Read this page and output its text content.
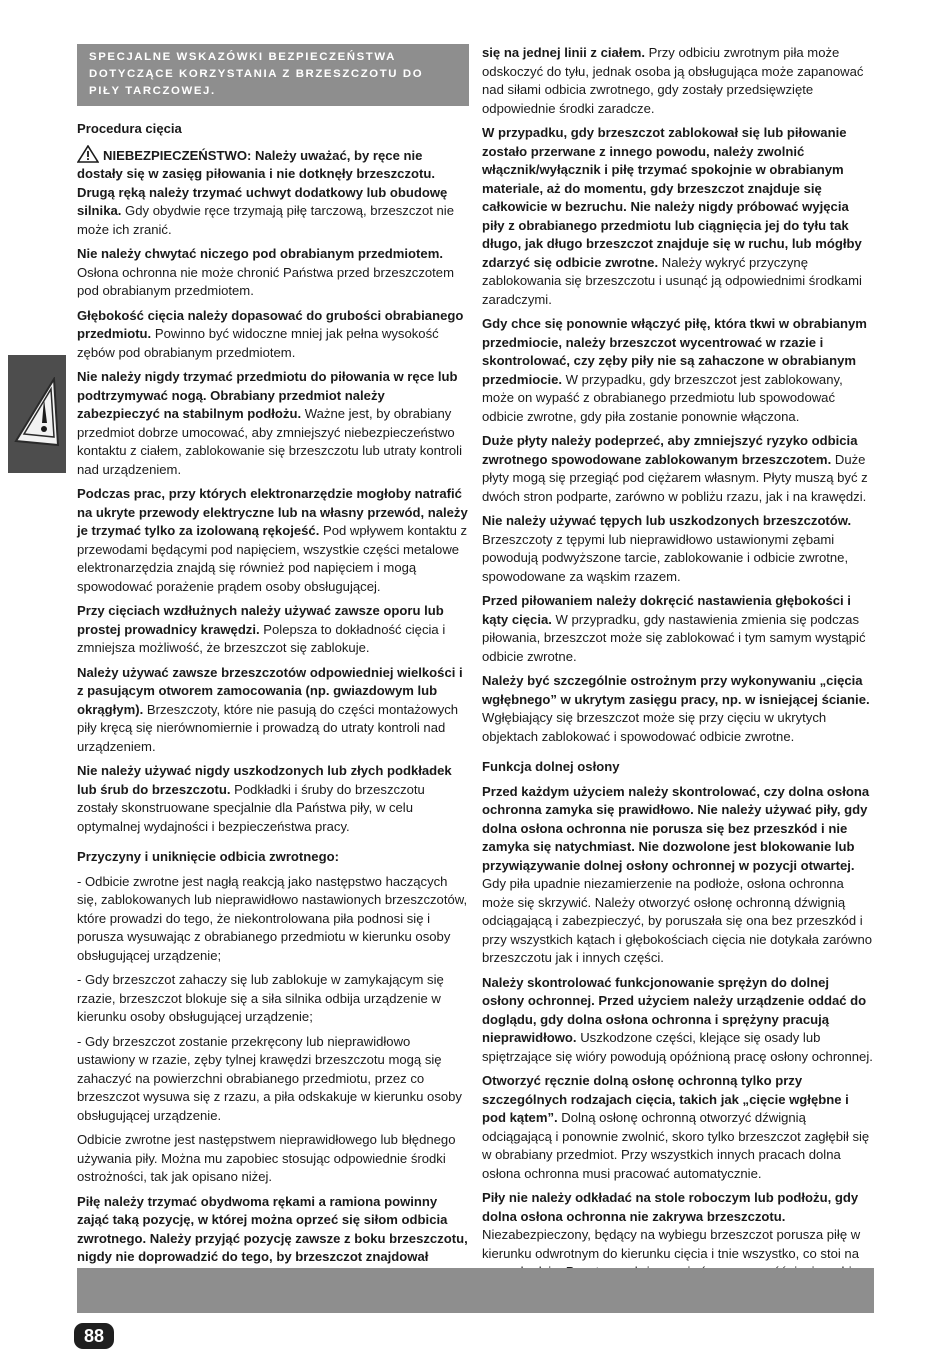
SPECJALNE WSKAZÓWKI BEZPIECZEŃSTWA DOTYCZĄCE KORZYSTANIA Z BRZESZCZOTU DO PIŁY TARCZOWEJ.
Procedura cięcia

NIEBEZPIECZEŃSTWO: Należy uważać, by ręce nie dostały się w zasięg piłowania i nie dotknęły brzeszczotu. Drugą ręką należy trzymać uchwyt dodatkowy lub obudowę silnika. Gdy obydwie ręce trzymają piłę tarczową, brzeszczot nie może ich zranić.

Nie należy chwytać niczego pod obrabianym przedmiotem. Osłona ochronna nie może chronić Państwa przed brzeszczotem pod obrabianym przedmiotem.

Głębokość cięcia należy dopasować do grubości obrabianego przedmiotu. Powinno być widoczne mniej jak pełna wysokość zębów pod obrabianym przedmiotem.

Nie należy nigdy trzymać przedmiotu do piłowania w ręce lub podtrzymywać nogą. Obrabiany przedmiot należy zabezpieczyć na stabilnym podłożu. Ważne jest, by obrabiany przedmiot dobrze umocować, aby zmniejszyć niebezpieczeństwo kontaktu z ciałem, zablokowanie się brzeszczotu lub utraty kontroli nad urządzeniem.

Podczas prac, przy których elektronarzędzie mogłoby natrafić na ukryte przewody elektryczne lub na własny przewód, należy je trzymać tylko za izolowaną rękojeść. Pod wpływem kontaktu z przewodami będącymi pod napięciem, wszystkie części metalowe elektronarzędzia znajdą się również pod napięciem i mogą spowodować porażenie prądem osoby obsługującej.

Przy cięciach wzdłużnych należy używać zawsze oporu lub prostej prowadnicy krawędzi. Polepsza to dokładność cięcia i zmniejsza możliwość, że brzeszczot się zablokuje.

Należy używać zawsze brzeszczotów odpowiedniej wielkości i z pasującym otworem zamocowania (np. gwiazdowym lub okrągłym). Brzeszczoty, które nie pasują do części montażowych piły kręcą się nierównomiernie i prowadzą do utraty kontroli nad urządzeniem.

Nie należy używać nigdy uszkodzonych lub złych podkładek lub śrub do brzeszczotu. Podkładki i śruby do brzeszczotu zostały skonstruowane specjalnie dla Państwa piły, w celu optymalnej wydajności i bezpieczeństwa pracy.

Przyczyny i uniknięcie odbicia zwrotnego:

- Odbicie zwrotne jest nagłą reakcją jako następstwo haczących się, zablokowanych lub nieprawidłowo nastawionych brzeszczotów, które prowadzi do tego, że niekontrolowana piła podnosi się i porusza wysuwając z obrabianego przedmiotu w kierunku osoby obsługującej urządzenie;

- Gdy brzeszczot zahaczy się lub zablokuje w zamykającym się rzazie, brzeszczot blokuje się a siła silnika odbija urządzenie w kierunku osoby obsługującej urządzenie;

- Gdy brzeszczot zostanie przekręcony lub nieprawidłowo ustawiony w rzazie, zęby tylnej krawędzi brzeszczotu mogą się zahaczyć na powierzchni obrabianego przedmiotu, przez co brzeszczot wysuwa się z rzazu, a piła odskakuje w kierunku osoby obsługującej urządzenie.

Odbicie zwrotne jest następstwem nieprawidłowego lub błędnego używania piły. Można mu zapobiec stosując odpowiednie środki ostrożności, tak jak opisano niżej.

Piłę należy trzymać obydwoma rękami a ramiona powinny zająć taką pozycję, w której można oprzeć się siłom odbicia zwrotnego. Należy przyjąć pozycję zawsze z boku brzeszczotu, nigdy nie doprowadzić do tego, by brzeszczot znajdował

się na jednej linii z ciałem. Przy odbiciu zwrotnym piła może odskoczyć do tyłu, jednak osoba ją obsługująca może zapanować nad siłami odbicia zwrotnego, gdy zostały przedsięwzięte odpowiednie środki zaradcze.

W przypadku, gdy brzeszczot zablokował się lub piłowanie zostało przerwane z innego powodu, należy zwolnić włącznik/wyłącznik i piłę trzymać spokojnie w obrabianym materiale, aż do momentu, gdy brzeszczot znajduje się całkowicie w bezruchu. Nie należy nigdy próbować wyjęcia piły z obrabianego przedmiotu lub ciągnięcia jej do tyłu tak długo, jak długo brzeszczot znajduje się w ruchu, lub mógłby zdarzyć się odbicie zwrotne. Należy wykryć przyczynę zablokowania się brzeszczotu i usunąć ją odpowiednimi środkami zaradczymi.

Gdy chce się ponownie włączyć piłę, która tkwi w obrabianym przedmiocie, należy brzeszczot wycentrować w rzazie i skontrolować, czy zęby piły nie są zahaczone w obrabianym przedmiocie. W przypadku, gdy brzeszczot jest zablokowany, może on wypaść z obrabianego przedmiotu lub spowodować odbicie zwrotne, gdy piła zostanie ponownie włączona.

Duże płyty należy podeprzeć, aby zmniejszyć ryzyko odbicia zwrotnego spowodowane zablokowanym brzeszczotem. Duże płyty mogą się przegiąć pod ciężarem własnym. Płyty muszą być z dwóch stron podparte, zarówno w pobliżu rzazu, jak i na krawędzi.

Nie należy używać tępych lub uszkodzonych brzeszczotów. Brzeszczoty z tępymi lub nieprawidłowo ustawionymi zębami powodują podwyższone tarcie, zablokowanie i odbicie zwrotne, spowodowane za wąskim rzazem.

Przed piłowaniem należy dokręcić nastawienia głębokości i kąty cięcia. W przypradku, gdy nastawienia zmienia się podczas piłowania, brzeszczot może się zablokować i tym samym wystąpić odbicie zwrotne.

Należy być szczególnie ostrożnym przy wykonywaniu „cięcia wgłębnego” w ukrytym zasięgu pracy, np. w isniejącej ścianie. Wgłębiający się brzeszczot może się przy cięciu w ukrytych objektach zablokować i spowodować odbicie zwrotne.

Funkcja dolnej osłony

Przed każdym użyciem należy skontrolować, czy dolna osłona ochronna zamyka się prawidłowo. Nie należy używać piły, gdy dolna osłona ochronna nie porusza się bez przeszkód i nie zamyka się natychmiast. Nie dozwolone jest blokowanie lub przywiązywanie dolnej osłony ochronnej w pozycji otwartej. Gdy piła upadnie niezamierzenie na podłoże, osłona ochronna może się skrzywić. Należy otworzyć osłonę ochronną dźwignią odciągającą i zabezpieczyć, by poruszała się ona bez przeszkód i przy wszystkich kątach i głębokościach cięcia nie dotykała zarówno brzeszczotu jak i innych części.

Należy skontrolować funkcjonowanie sprężyn do dolnej osłony ochronnej. Przed użyciem należy urządzenie oddać do doglądu, gdy dolna osłona ochronna i sprężyny pracują nieprawidłowo. Uszkodzone części, klejące się osady lub spiętrzające się wióry powodują opóźnioną pracę osłony ochronnej.

Otworzyć ręcznie dolną osłonę ochronną tylko przy szczególnych rodzajach cięcia, takich jak „cięcie wgłębne i pod kątem”. Dolną osłonę ochronną otworzyć dźwignią odciągającą i ponownie zwolnić, skoro tylko brzeszczot zagłębił się w obrabiany przedmiot. Przy wszystkich innych pracach dolna osłona ochronna musi pracować automatycznie.

Piły nie należy odkładać na stole roboczym lub podłożu, gdy dolna osłona ochronna nie zakrywa brzeszczotu. Niezabezpieczony, będący na wybiegu brzeszczot porusza piłę w kierunku odwrotnym do kierunku cięcia i tnie wszystko, co stoi na

88
